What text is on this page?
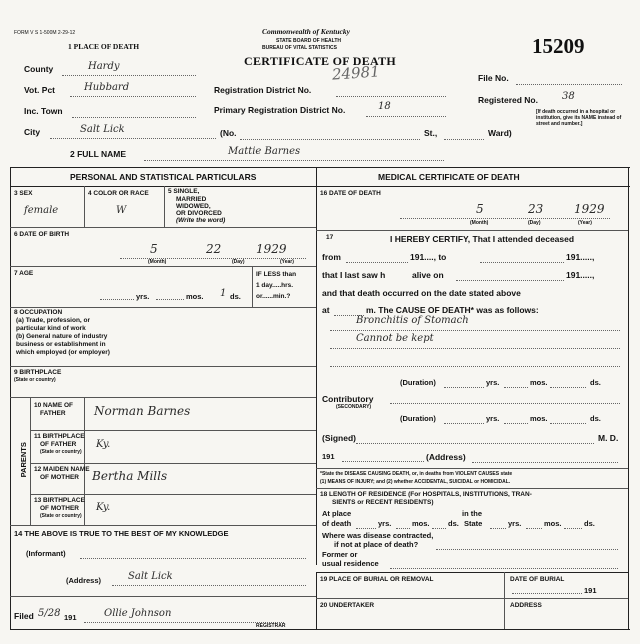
FORM V S 1-500M 2-29-12
1 PLACE OF DEATH
Commonwealth of Kentucky
STATE BOARD OF HEALTH
BUREAU OF VITAL STATISTICS
CERTIFICATE OF DEATH
15209
24981
County	Hardy
Vot. Pct	Hubbard	Registration District No.
File No.
Inc. Town	Primary Registration District No.	18
Registered No. 38
City	Salt Lick	(No.	St.,	Ward)
[If death occurred in a hospital or institution, give its NAME instead of street and number.]
2 FULL NAME	Mattie Barnes
PERSONAL AND STATISTICAL PARTICULARS	MEDICAL CERTIFICATE OF DEATH
3 SEX
female
4 COLOR OR RACE
W
5 SINGLE,
MARRIED
WIDOWED,
OR DIVORCED
(Write the word)
6 DATE OF BIRTH
5	22	1929
(Month)	(Day)	(Year)
7 AGE
yrs.	mos. 1 ds.
IF LESS than
1 day.....hrs.
or......min.?
8 OCCUPATION
(a) Trade, profession, or
particular kind of work
(b) General nature of industry
business or establishment in
which employed (or employer)
9 BIRTHPLACE
(State or country)
PARENTS
10 NAME OF
FATHER Norman Barnes
11 BIRTHPLACE
OF FATHER
(State or country)
Ky.
12 MAIDEN NAME
OF MOTHER Bertha Mills
13 BIRTHPLACE
OF MOTHER
(State or country)
Ky.
14 THE ABOVE IS TRUE TO THE BEST OF MY KNOWLEDGE
(Informant)
(Address)	Salt Lick
Filed 5/28 191	Ollie Johnson
REGISTRAR
16 DATE OF DEATH
5	23	1929
(Month)	(Day)	(Year)
17	I HEREBY CERTIFY, That I attended deceased
from	191...., to	191.....,
that I last saw h	alive on	191.....,
and that death occurred on the date stated above
at	m. The CAUSE OF DEATH* was as follows:
Bronchitis of Stomach
Cannot be kept
(Duration)	yrs.	mos.	ds.
Contributory
(SECONDARY)
(Duration)	yrs.	mos.	ds.
(Signed)	M. D.
191	(Address)
*State the DISEASE CAUSING DEATH, or, in deaths from VIOLENT CAUSES state
(1) MEANS OF INJURY; and (2) whether ACCIDENTAL, SUICIDAL or HOMICIDAL.
18 LENGTH OF RESIDENCE (For HOSPITALS, INSTITUTIONS, TRAN-
SIENTS or RECENT RESIDENTS)
At place	in the
of death	yrs.	mos. ds. State	yrs.	mos.	ds.
Where was disease contracted,
if not at place of death?
Former or
usual residence
19 PLACE OF BURIAL OR REMOVAL	DATE OF BURIAL
191
20 UNDERTAKER	ADDRESS
